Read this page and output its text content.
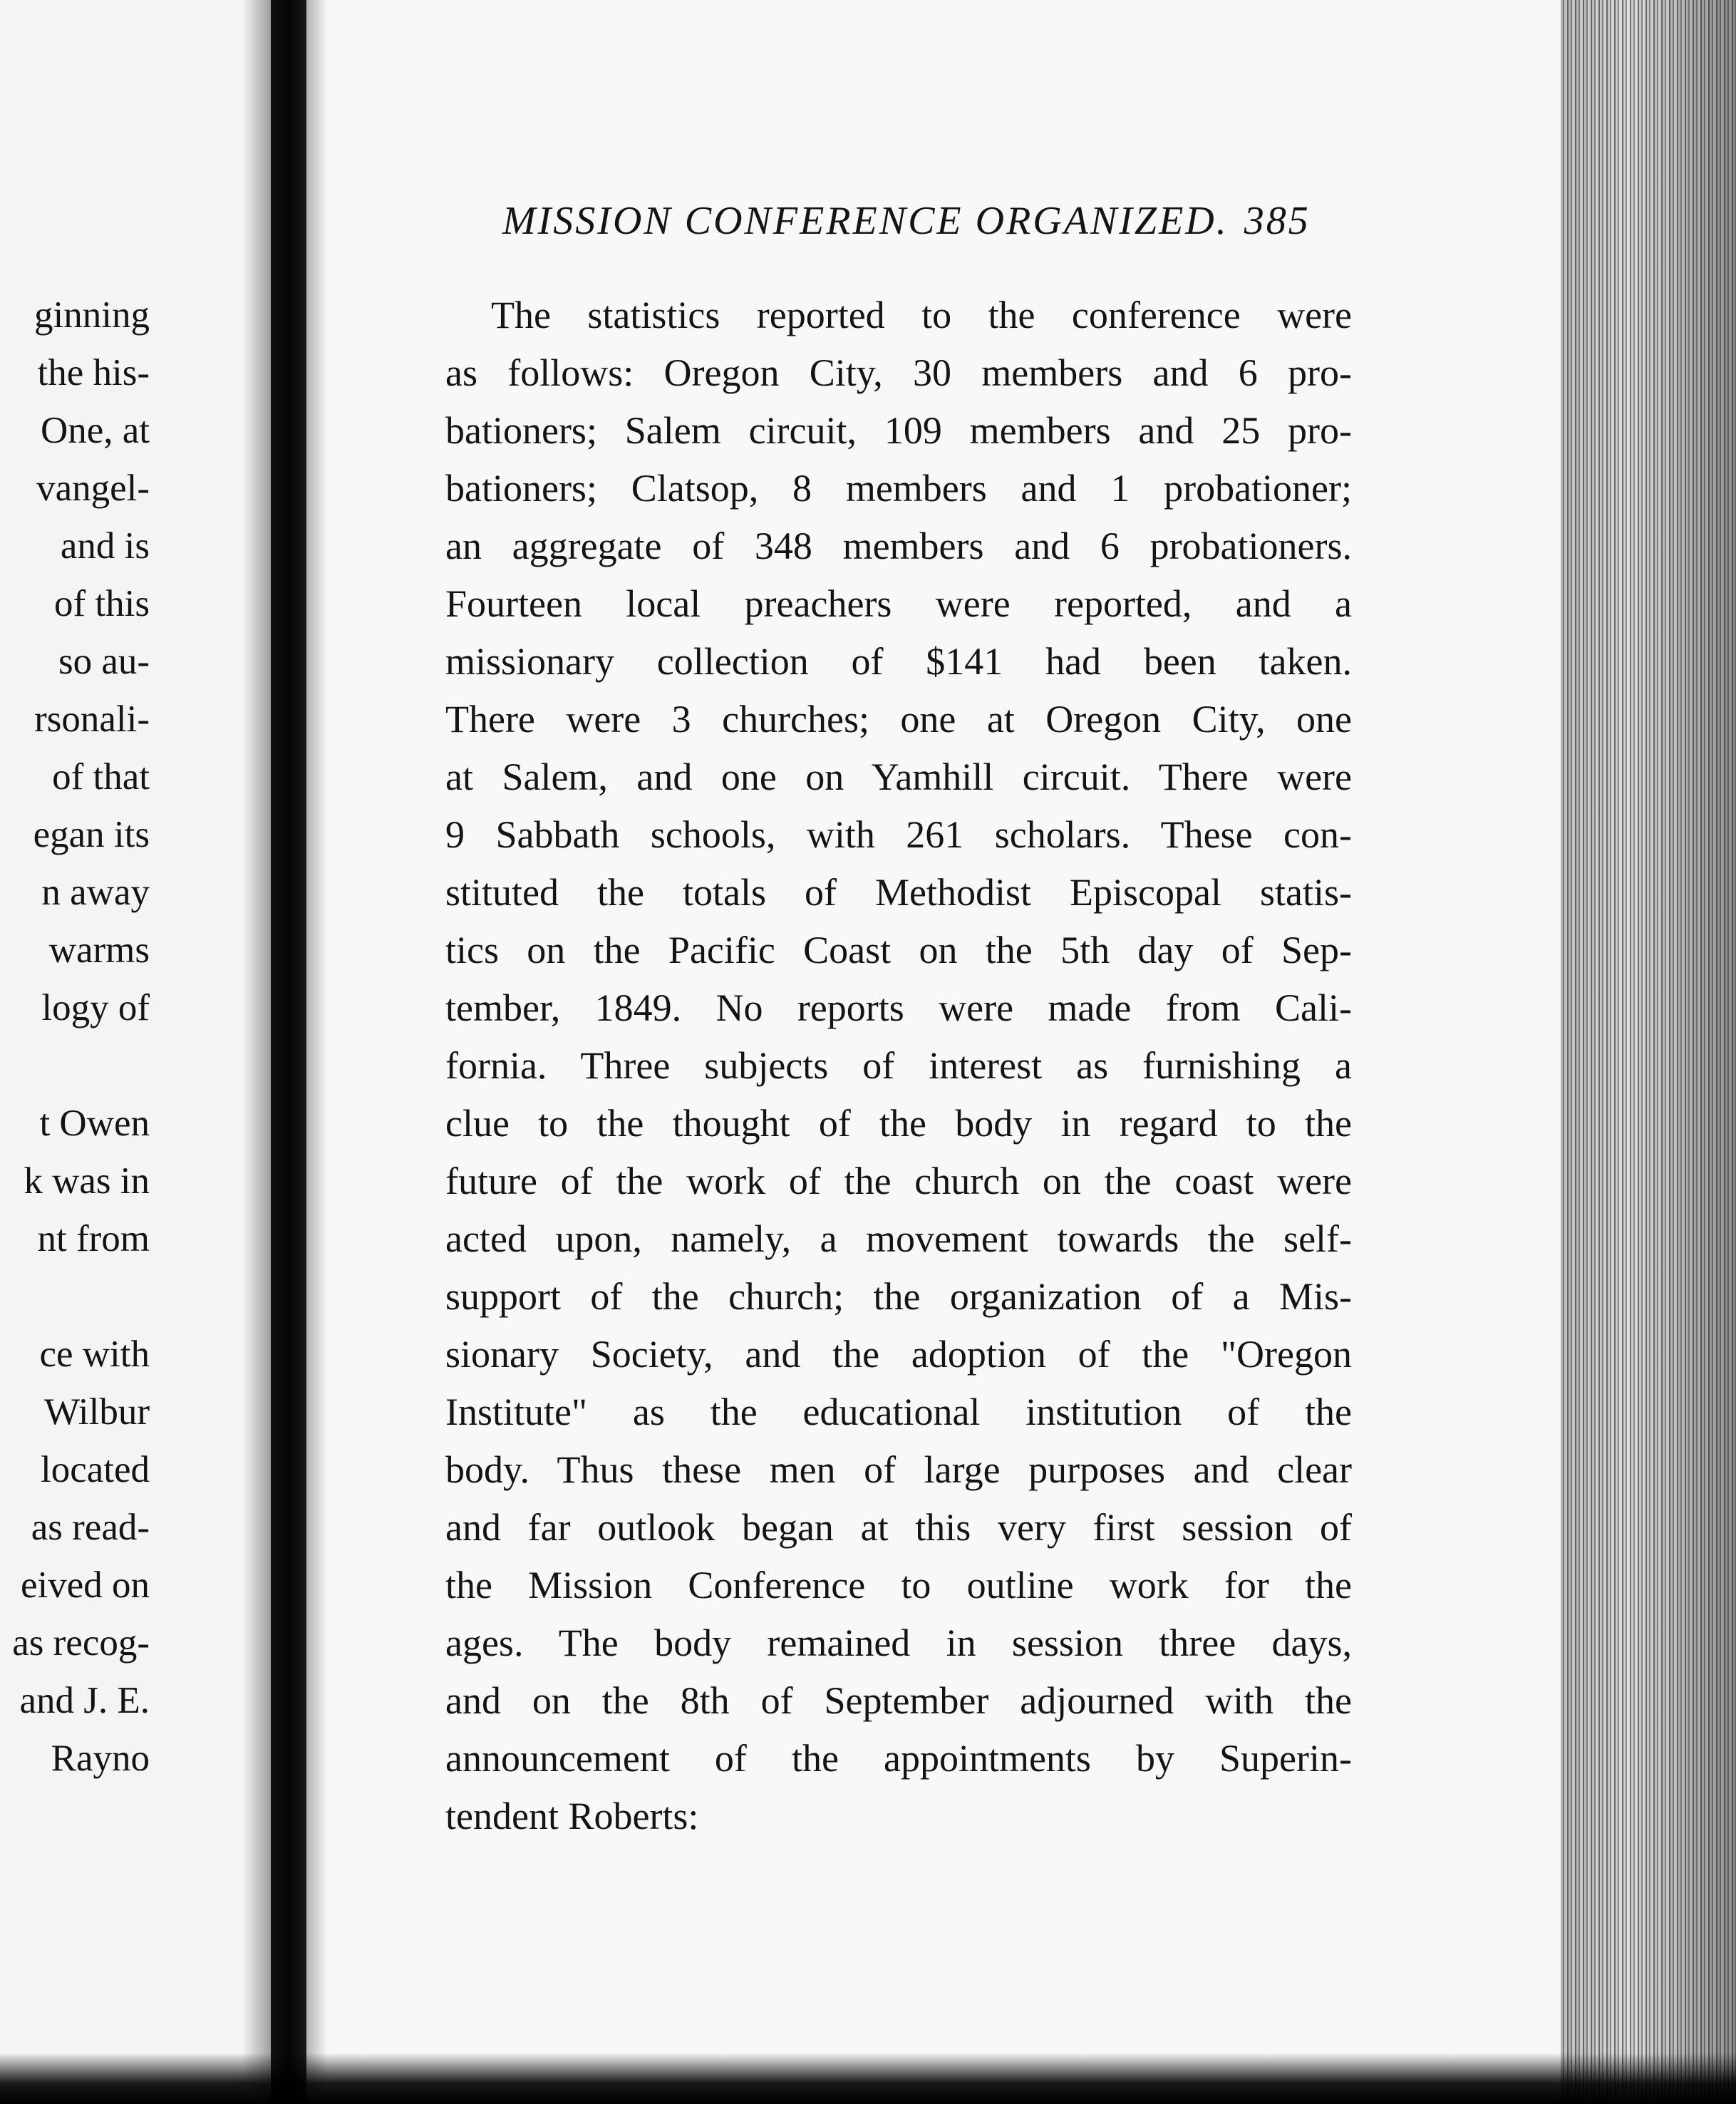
ginning
the his-
One, at
vangel-
and is
of this
so au-
rsonali-
of that
egan its
n away
warms
logy of
t Owen
k was in
nt from
ce with
Wilbur
located
as read-
eived on
as recog-
and J. E.
Rayno
MISSION CONFERENCE ORGANIZED. 385
The statistics reported to the conference were
as follows: Oregon City, 30 members and 6 pro-
bationers; Salem circuit, 109 members and 25 pro-
bationers; Clatsop, 8 members and 1 probationer;
an aggregate of 348 members and 6 probationers.
Fourteen local preachers were reported, and a
missionary collection of $141 had been taken.
There were 3 churches; one at Oregon City, one
at Salem, and one on Yamhill circuit. There were
9 Sabbath schools, with 261 scholars. These con-
stituted the totals of Methodist Episcopal statis-
tics on the Pacific Coast on the 5th day of Sep-
tember, 1849. No reports were made from Cali-
fornia. Three subjects of interest as furnishing a
clue to the thought of the body in regard to the
future of the work of the church on the coast were
acted upon, namely, a movement towards the self-
support of the church; the organization of a Mis-
sionary Society, and the adoption of the "Oregon
Institute" as the educational institution of the
body. Thus these men of large purposes and clear
and far outlook began at this very first session of
the Mission Conference to outline work for the
ages. The body remained in session three days,
and on the 8th of September adjourned with the
announcement of the appointments by Superin-
tendent Roberts:
